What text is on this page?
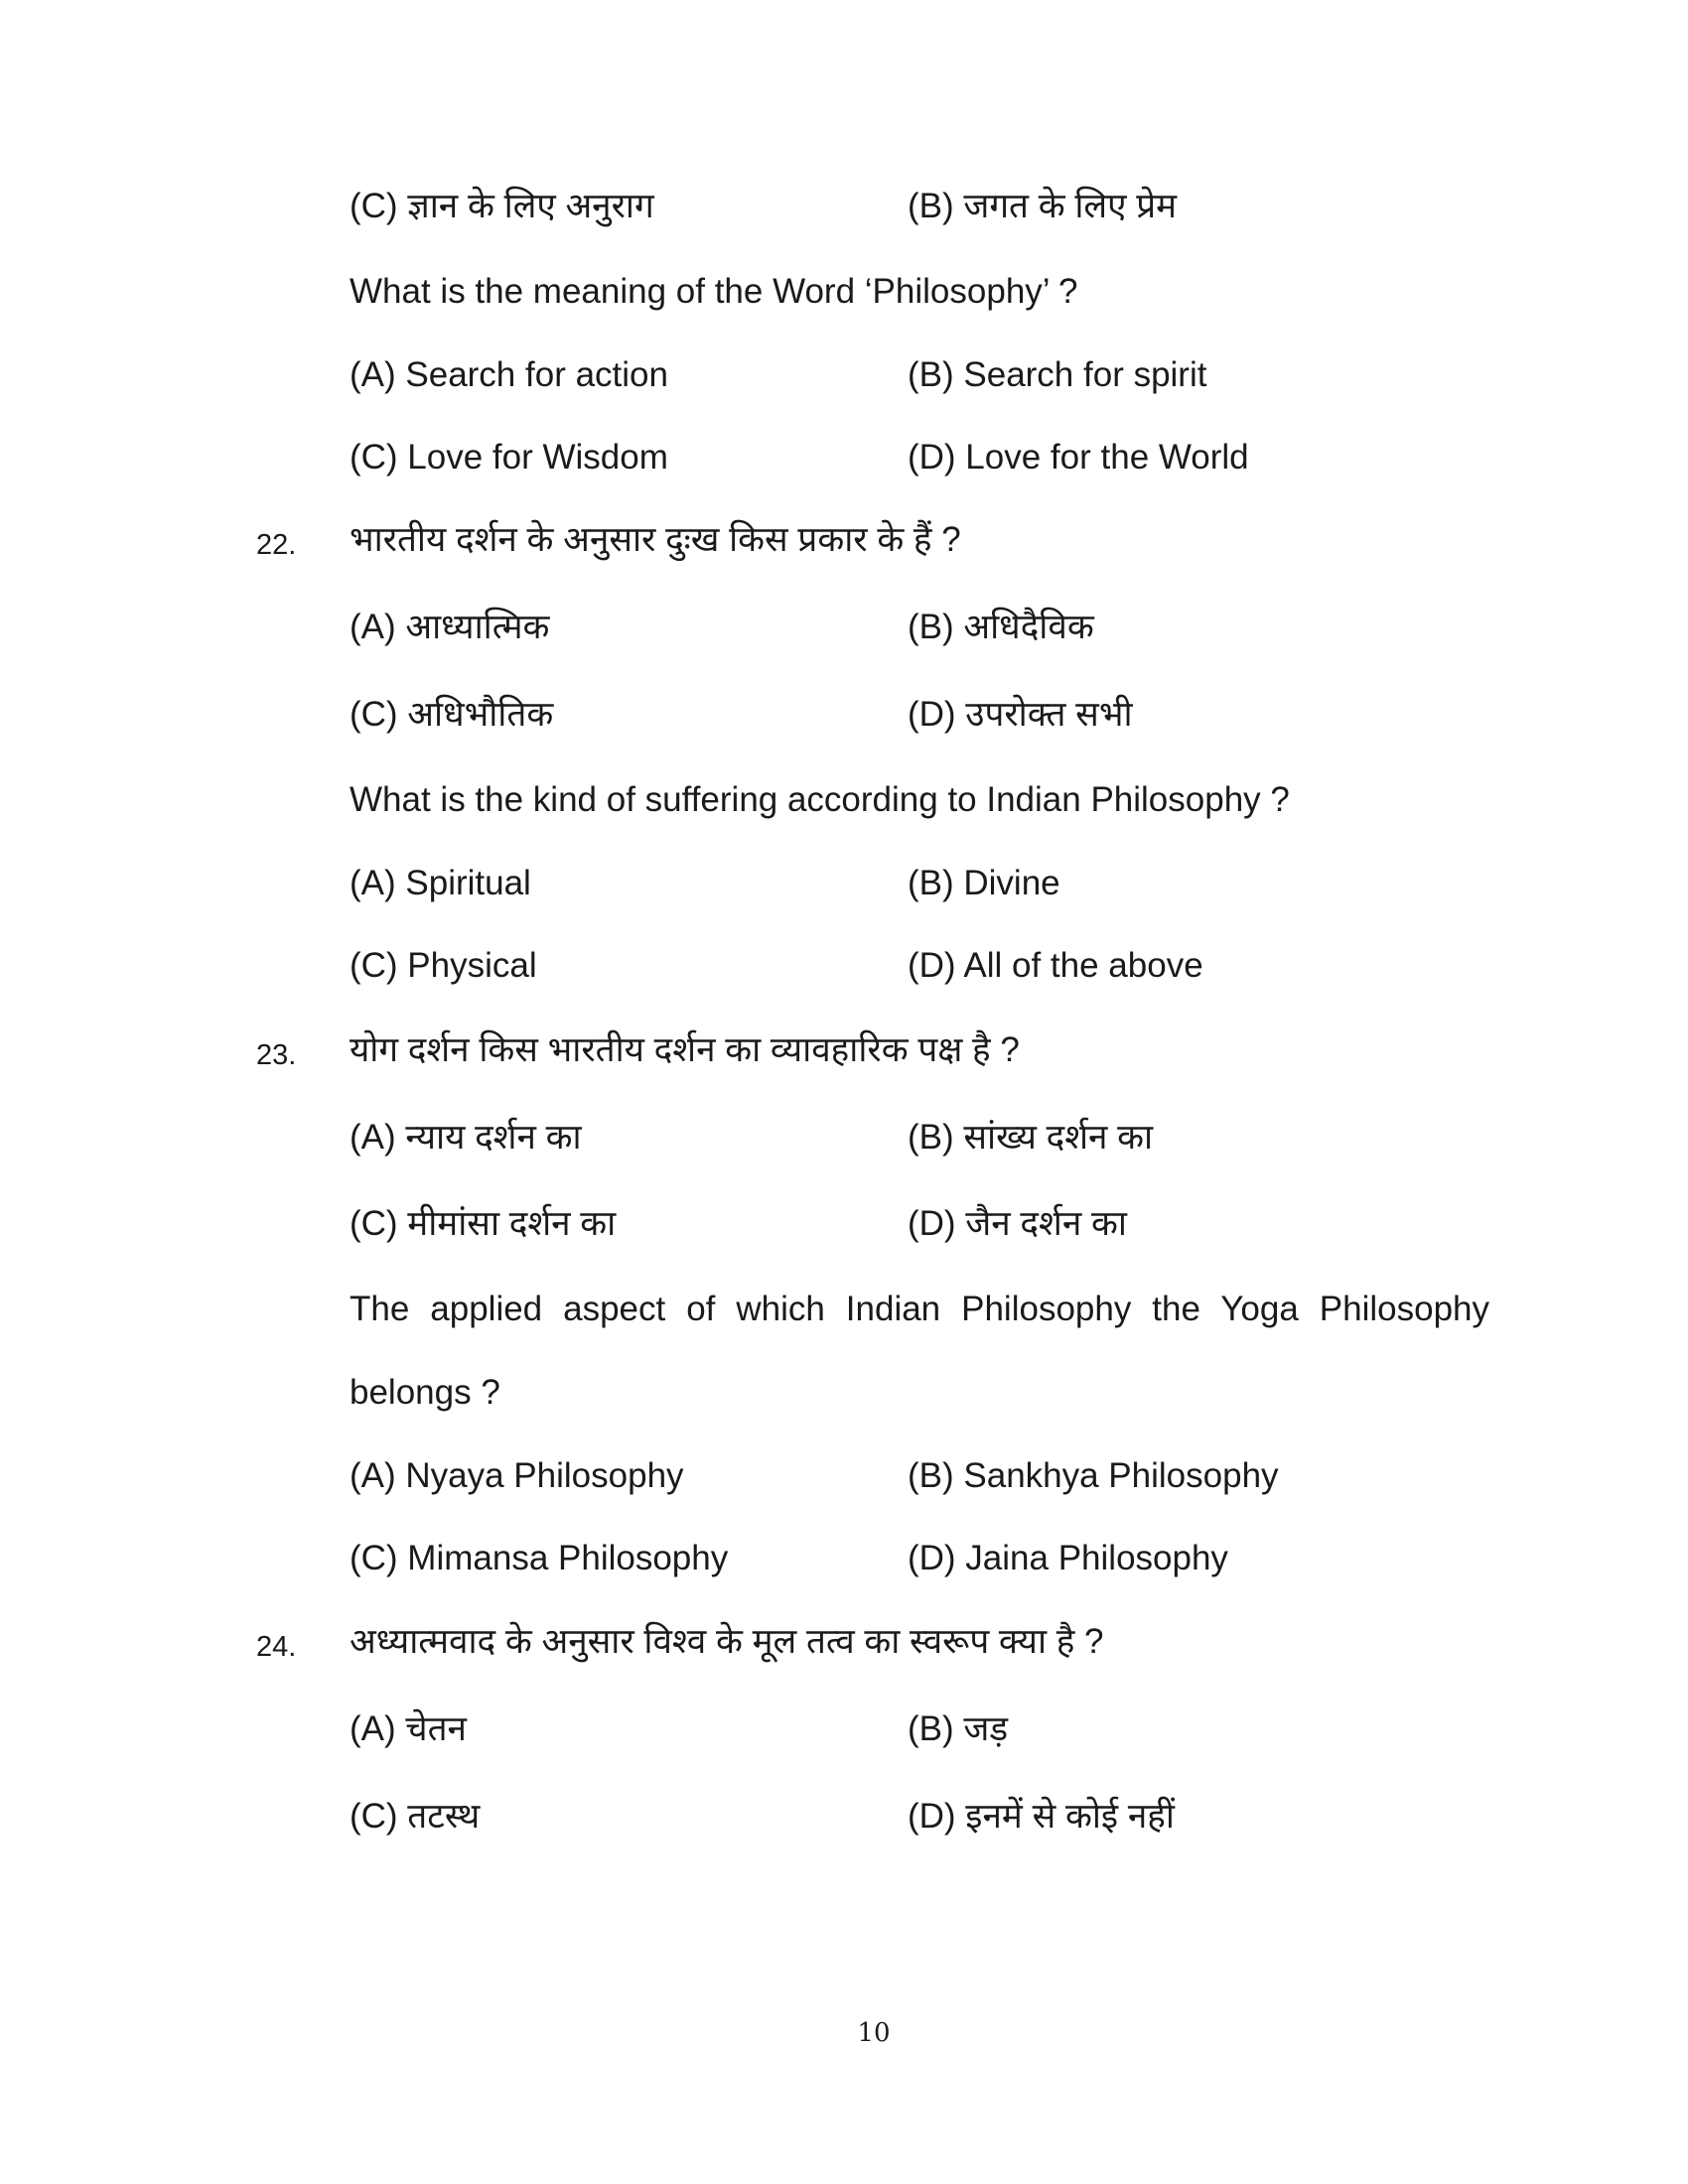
(C) ज्ञान के लिए अनुराग	(B) जगत के लिए प्रेम
What is the meaning of the Word ‘Philosophy’ ?
(A) Search for action	(B) Search for spirit
(C) Love for Wisdom	(D) Love for the World
22. भारतीय दर्शन के अनुसार दुःख किस प्रकार के हैं ?
(A) आध्यात्मिक	(B) अधिदैविक
(C) अधिभौतिक	(D) उपरोक्त सभी
What is the kind of suffering according to Indian Philosophy ?
(A) Spiritual	(B) Divine
(C) Physical	(D) All of the above
23. योग दर्शन किस भारतीय दर्शन का व्यावहारिक पक्ष है ?
(A) न्याय दर्शन का	(B) सांख्य दर्शन का
(C) मीमांसा दर्शन का	(D) जैन दर्शन का
The applied aspect of which Indian Philosophy the Yoga Philosophy
belongs ?
(A) Nyaya Philosophy	(B) Sankhya Philosophy
(C) Mimansa Philosophy	(D) Jaina Philosophy
24. अध्यात्मवाद के अनुसार विश्व के मूल तत्व का स्वरूप क्या है ?
(A) चेतन	(B) जड़
(C) तटस्थ	(D) इनमें से कोई नहीं
10
